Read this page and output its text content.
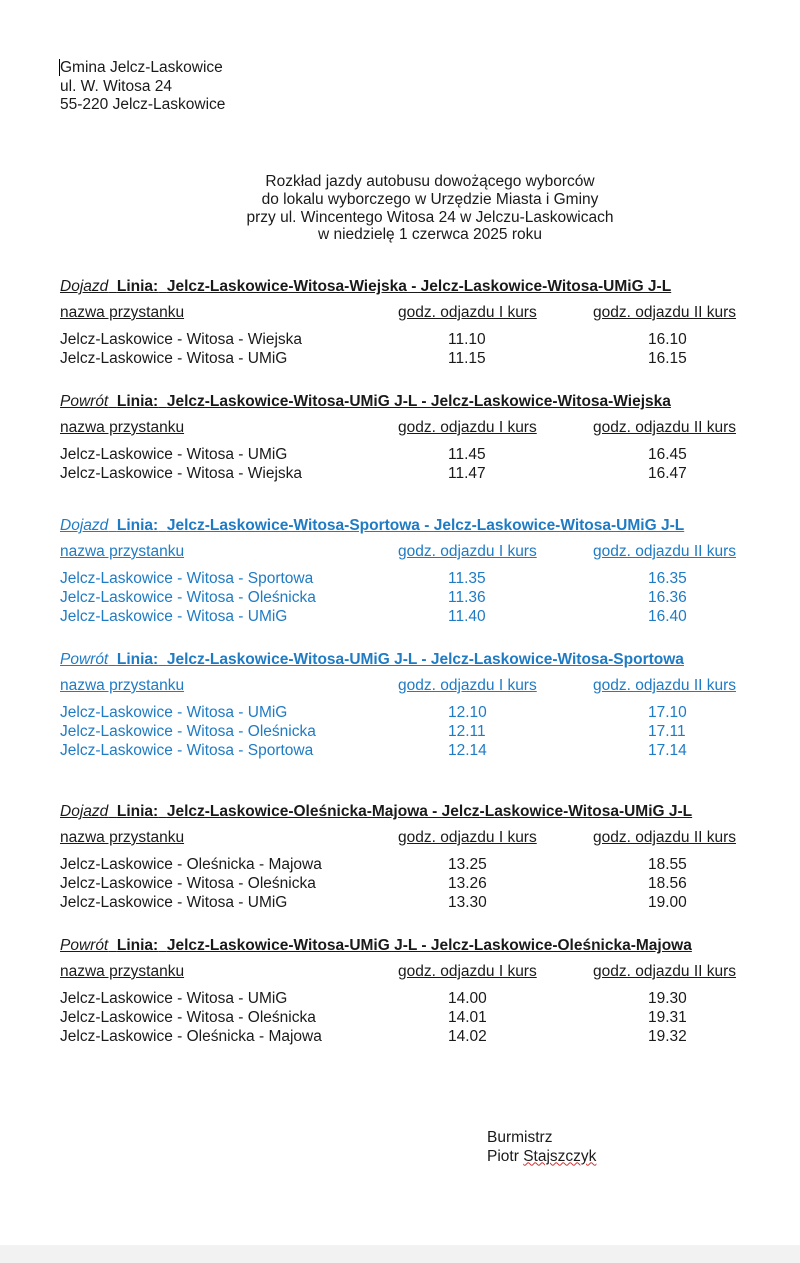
Gmina Jelcz-Laskowice
ul. W. Witosa 24
55-220 Jelcz-Laskowice
Rozkład jazdy autobusu dowożącego wyborców
do lokalu wyborczego w Urzędzie Miasta i Gminy
przy ul. Wincentego Witosa 24 w Jelczu-Laskowicach
w niedzielę 1 czerwca 2025 roku
Dojazd Linia: Jelcz-Laskowice-Witosa-Wiejska - Jelcz-Laskowice-Witosa-UMiG J-L
nazwa przystanku	godz. odjazdu I kurs	godz. odjazdu II kurs
Jelcz-Laskowice - Witosa - Wiejska	11.10	16.10
Jelcz-Laskowice - Witosa - UMiG	11.15	16.15
Powrót Linia: Jelcz-Laskowice-Witosa-UMiG J-L - Jelcz-Laskowice-Witosa-Wiejska
nazwa przystanku	godz. odjazdu I kurs	godz. odjazdu II kurs
Jelcz-Laskowice - Witosa - UMiG	11.45	16.45
Jelcz-Laskowice - Witosa - Wiejska	11.47	16.47
Dojazd Linia: Jelcz-Laskowice-Witosa-Sportowa - Jelcz-Laskowice-Witosa-UMiG J-L
nazwa przystanku	godz. odjazdu I kurs	godz. odjazdu II kurs
Jelcz-Laskowice - Witosa - Sportowa	11.35	16.35
Jelcz-Laskowice - Witosa - Oleśnicka	11.36	16.36
Jelcz-Laskowice - Witosa - UMiG	11.40	16.40
Powrót Linia: Jelcz-Laskowice-Witosa-UMiG J-L - Jelcz-Laskowice-Witosa-Sportowa
nazwa przystanku	godz. odjazdu I kurs	godz. odjazdu II kurs
Jelcz-Laskowice - Witosa - UMiG	12.10	17.10
Jelcz-Laskowice - Witosa - Oleśnicka	12.11	17.11
Jelcz-Laskowice - Witosa - Sportowa	12.14	17.14
Dojazd Linia: Jelcz-Laskowice-Oleśnicka-Majowa - Jelcz-Laskowice-Witosa-UMiG J-L
nazwa przystanku	godz. odjazdu I kurs	godz. odjazdu II kurs
Jelcz-Laskowice - Oleśnicka - Majowa	13.25	18.55
Jelcz-Laskowice - Witosa - Oleśnicka	13.26	18.56
Jelcz-Laskowice - Witosa - UMiG	13.30	19.00
Powrót Linia: Jelcz-Laskowice-Witosa-UMiG J-L - Jelcz-Laskowice-Oleśnicka-Majowa
nazwa przystanku	godz. odjazdu I kurs	godz. odjazdu II kurs
Jelcz-Laskowice - Witosa - UMiG	14.00	19.30
Jelcz-Laskowice - Witosa - Oleśnicka	14.01	19.31
Jelcz-Laskowice - Oleśnicka - Majowa	14.02	19.32
Burmistrz
Piotr Stajszczyk
